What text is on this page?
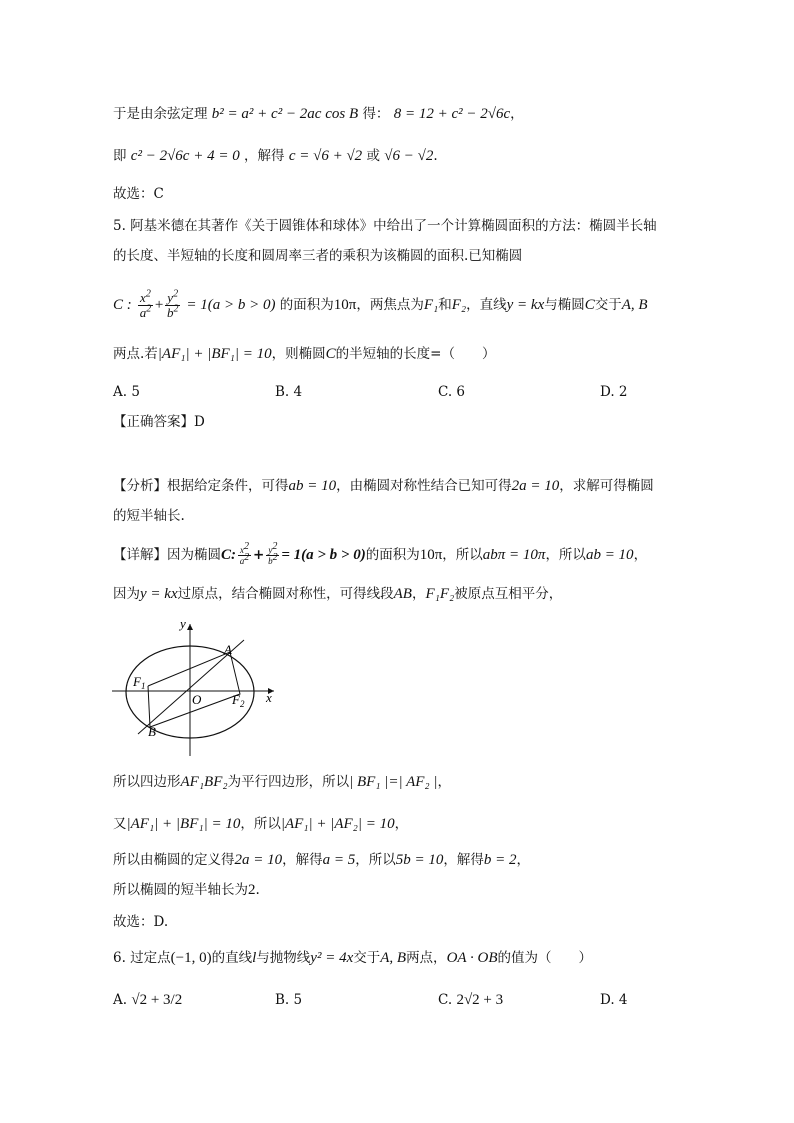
于是由余弦定理 b² = a² + c² − 2ac cos B 得： 8 = 12 + c² − 2√6c，
即 c² − 2√6c + 4 = 0 ，解得 c = √6 + √2 或 √6 − √2.
故选：C
5. 阿基米德在其著作《关于圆锥体和球体》中给出了一个计算椭圆面积的方法：椭圆半长轴
的长度、半短轴的长度和圆周率三者的乘积为该椭圆的面积.已知椭圆
C : $\frac{x^2}{a^2} + \frac{y^2}{b^2} = 1(a > b > 0)$ 的面积为10π，两焦点为F₁和F₂，直线y = kx与椭圆C交于A, B
两点.若|AF₁| + |BF₁| = 10，则椭圆C的半短轴的长度=（　　）
A. 5	B. 4	C. 6	D. 2
【正确答案】D
【分析】根据给定条件，可得ab = 10，由椭圆对称性结合已知可得2a = 10，求解可得椭圆
的短半轴长.
【详解】因为椭圆C: $\frac{x^2}{a^2} + \frac{y^2}{b^2} = 1(a > b > 0)$的面积为10π，所以abπ = 10π，所以ab = 10，
因为y = kx过原点，结合椭圆对称性，可得线段AB，F₁F₂被原点互相平分，
y
x
A
B
O
$F_1$
$F_2$
所以四边形AF₁BF₂为平行四边形，所以| BF₁ |=| AF₂ |，
又|AF₁| + |BF₁| = 10，所以|AF₁| + |AF₂| = 10，
所以由椭圆的定义得2a = 10，解得a = 5，所以5b = 10，解得b = 2，
所以椭圆的短半轴长为2.
故选：D.
6. 过定点(−1, 0)的直线l与抛物线y² = 4x交于A, B两点，OA · OB的值为（　　）
A. √2 + 3/2	B. 5	C. 2√2 + 3	D. 4
